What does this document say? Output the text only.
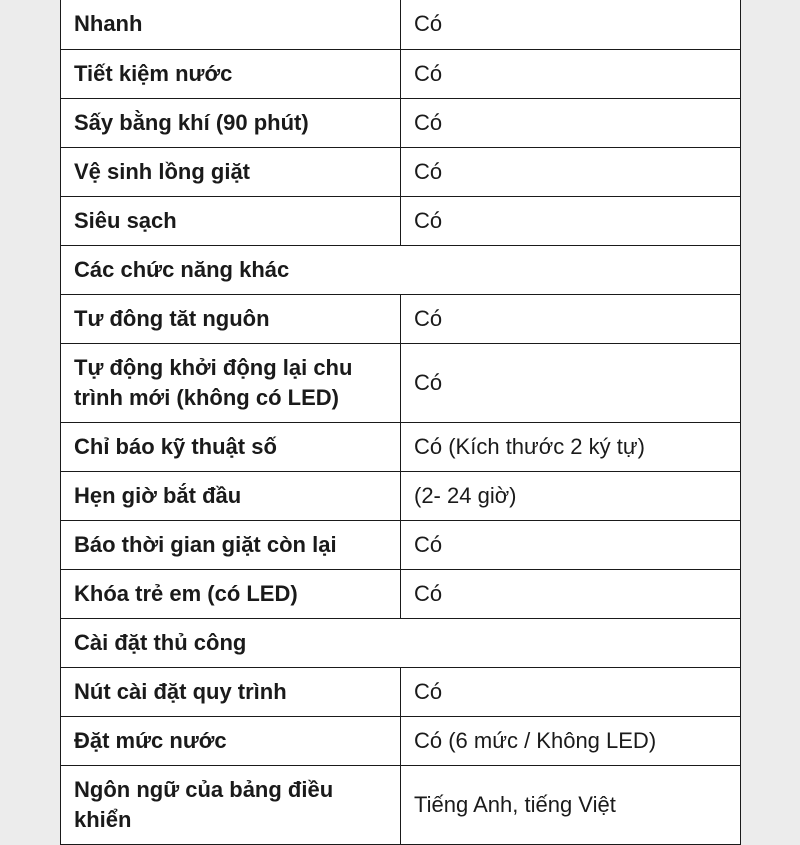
Nhanh	Có
Tiết kiệm nước	Có
Sấy bằng khí (90 phút)	Có
Vệ sinh lồng giặt	Có
Siêu sạch	Có
Các chức năng khác	
Tư đông tăt nguôn	Có
Tự động khởi động lại chu trình mới (không có LED)	Có
Chỉ báo kỹ thuật số	Có (Kích thước 2 ký tự)
Hẹn giờ bắt đầu	(2- 24 giờ)
Báo thời gian giặt còn lại	Có
Khóa trẻ em (có LED)	Có
Cài đặt thủ công	
Nút cài đặt quy trình	Có
Đặt mức nước	Có (6 mức / Không LED)
Ngôn ngữ của bảng điều khiển	Tiếng Anh, tiếng Việt
